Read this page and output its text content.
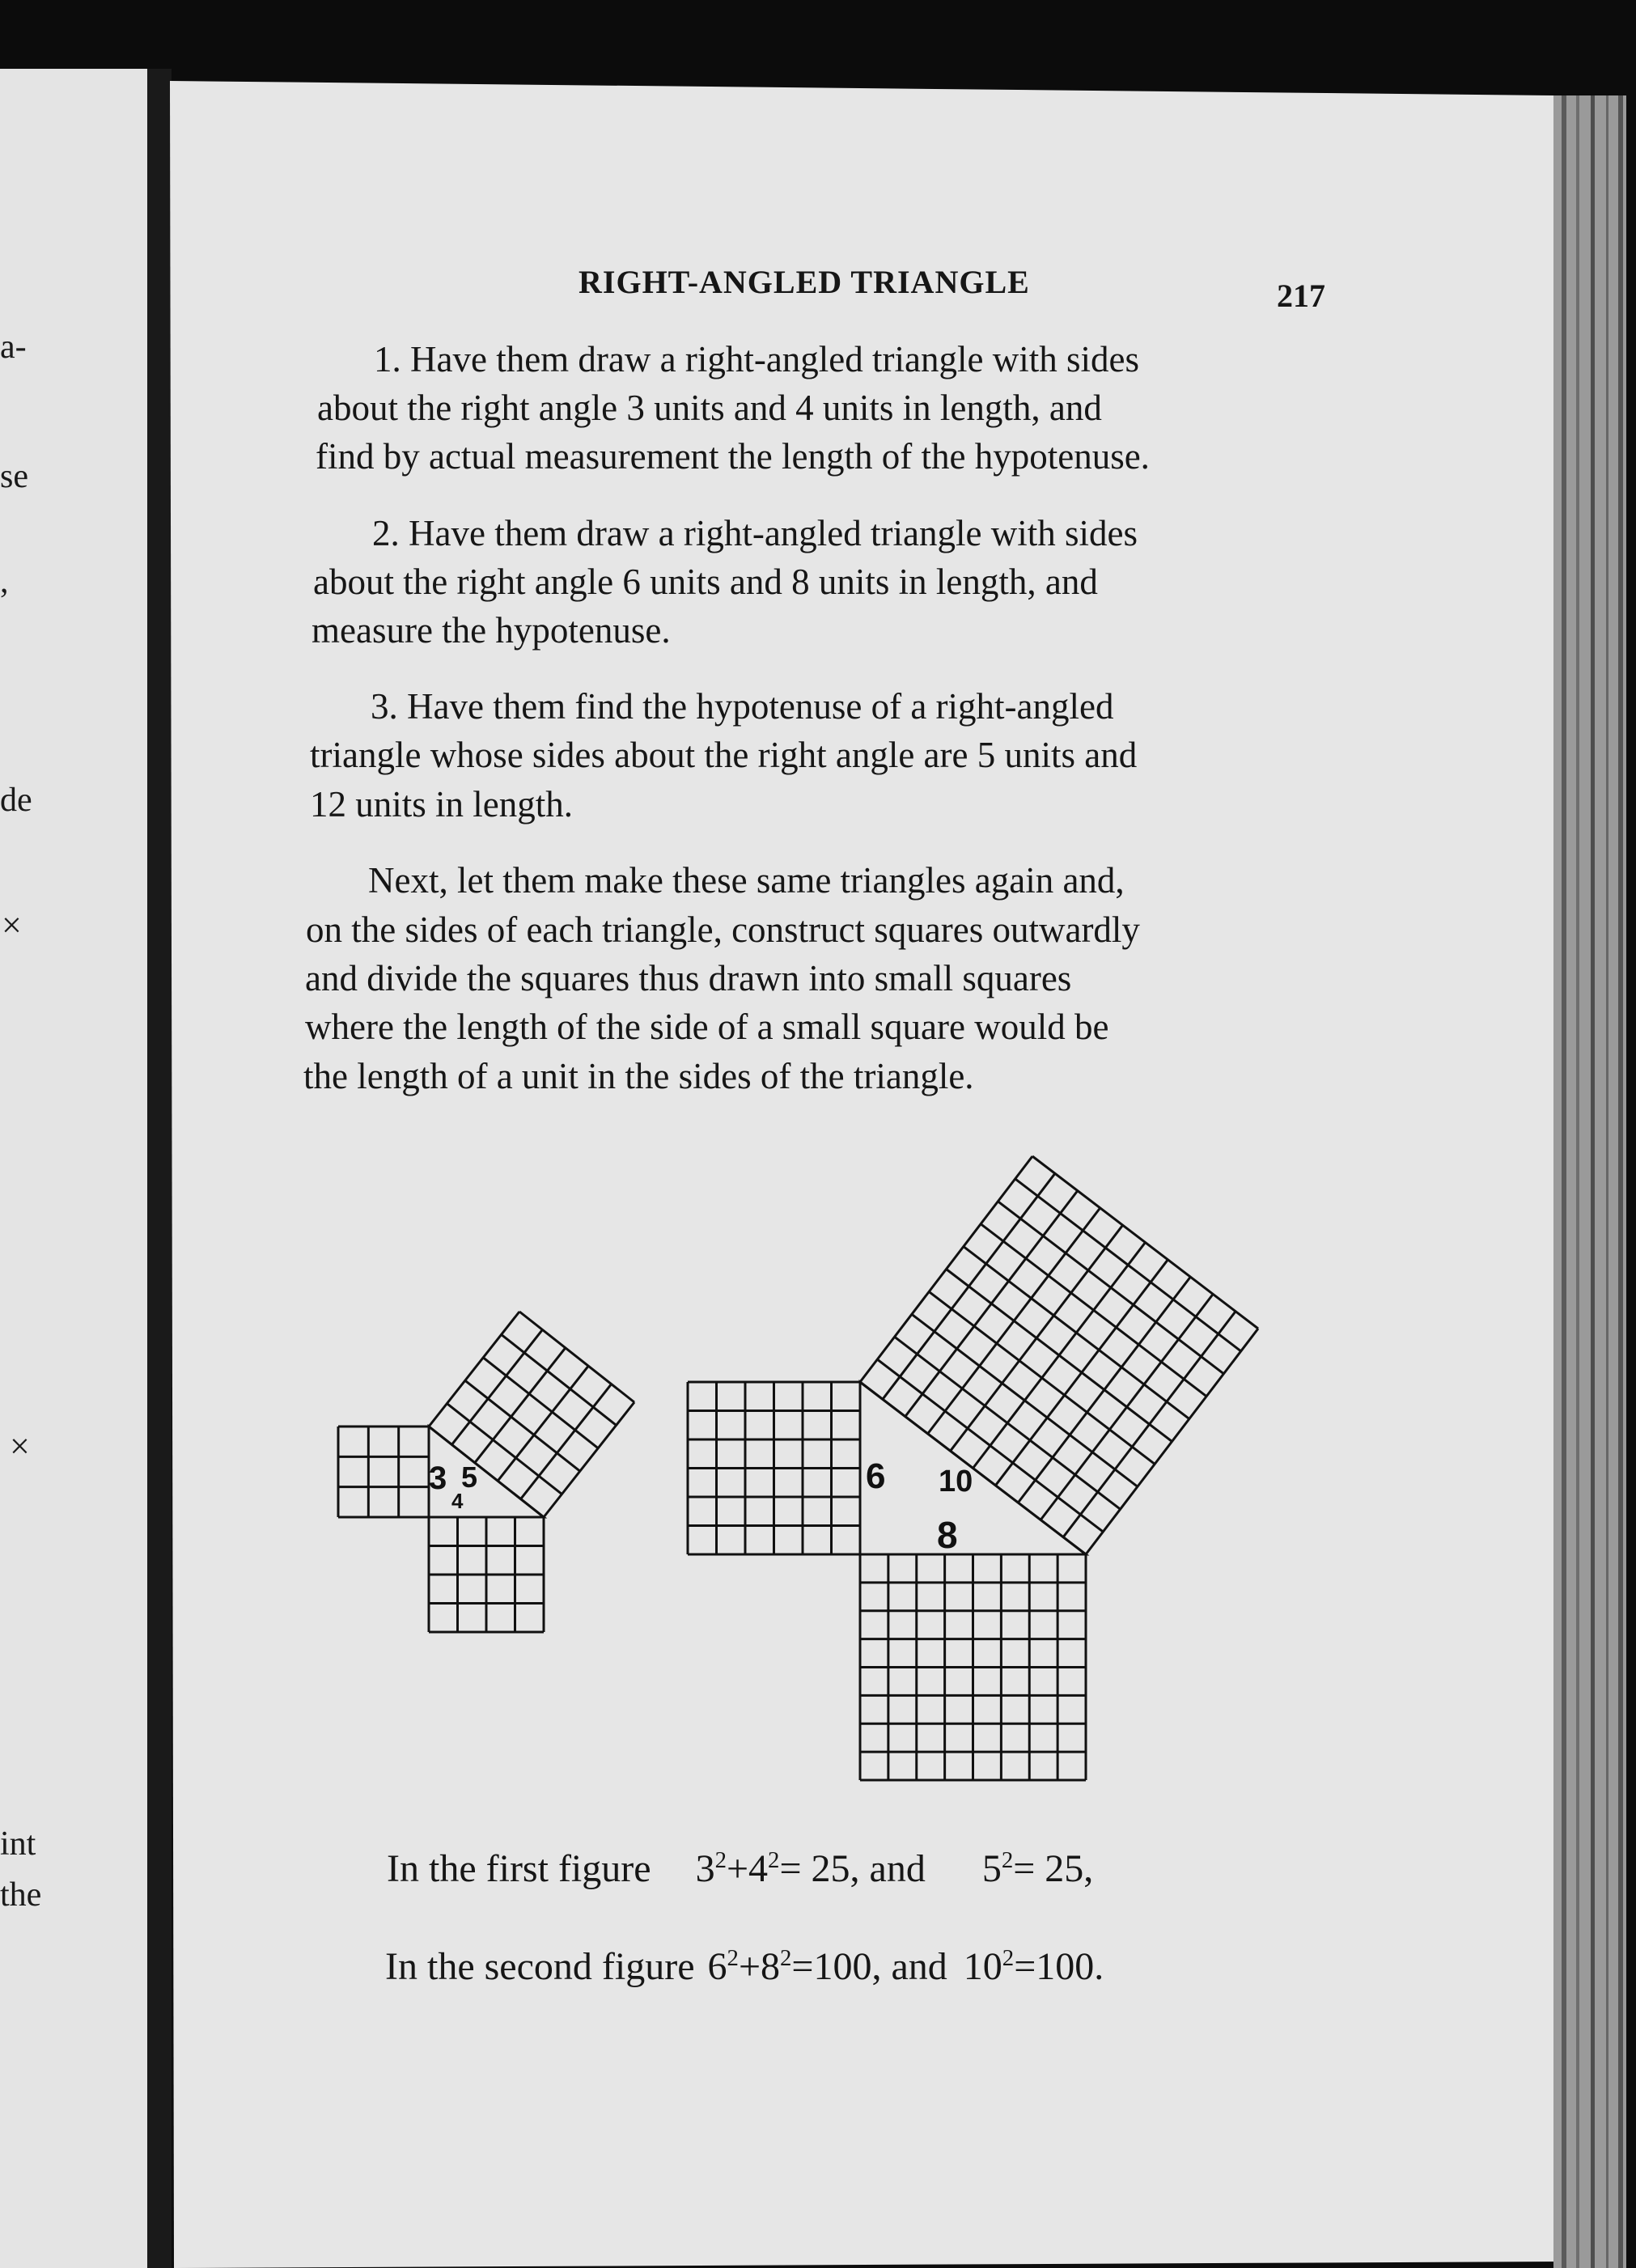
a-
se
,
de
×
×
int
the
RIGHT-ANGLED TRIANGLE	217
1. Have them draw a right-angled triangle with sides
about the right angle 3 units and 4 units in length, and
find by actual measurement the length of the hypotenuse.
2. Have them draw a right-angled triangle with sides
about the right angle 6 units and 8 units in length, and
measure the hypotenuse.
3. Have them find the hypotenuse of a right-angled
triangle whose sides about the right angle are 5 units and
12 units in length.
Next, let them make these same triangles again and,
on the sides of each triangle, construct squares outwardly
and divide the squares thus drawn into small squares
where the length of the side of a small square would be
the length of a unit in the sides of the triangle.
3
4
5	6
8
10
In the first figure $3^2+4^2= 25$, and $5^2= 25$,
In the second figure $6^2+8^2=100$, and $10^2=100$.
